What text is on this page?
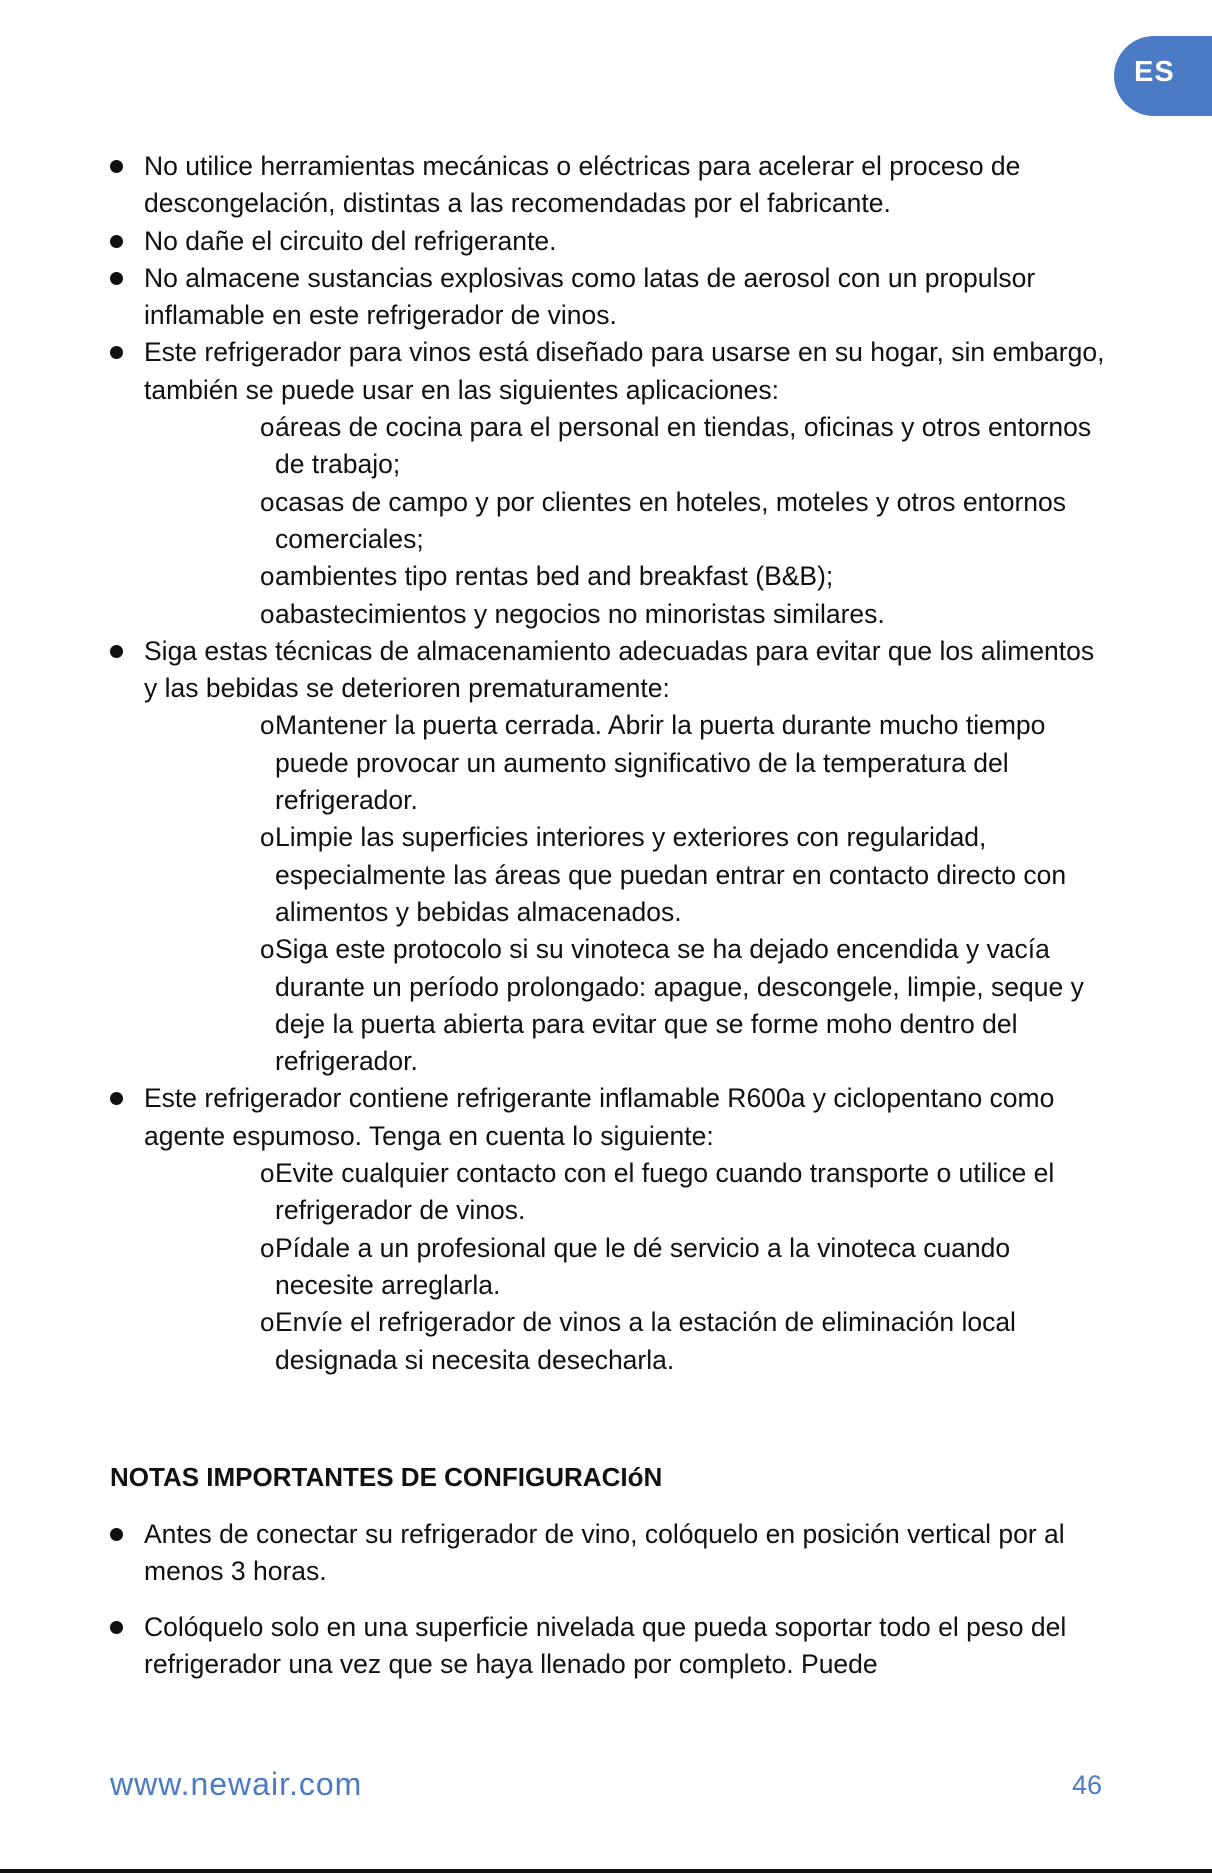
ES
No utilice herramientas mecánicas o eléctricas para acelerar el proceso de descongelación, distintas a las recomendadas por el fabricante.
No dañe el circuito del refrigerante.
No almacene sustancias explosivas como latas de aerosol con un propulsor inflamable en este refrigerador de vinos.
Este refrigerador para vinos está diseñado para usarse en su hogar, sin embargo, también se puede usar en las siguientes aplicaciones:
o áreas de cocina para el personal en tiendas, oficinas y otros entornos de trabajo;
o casas de campo y por clientes en hoteles, moteles y otros entornos comerciales;
o ambientes tipo rentas bed and breakfast (B&B);
o abastecimientos y negocios no minoristas similares.
Siga estas técnicas de almacenamiento adecuadas para evitar que los alimentos y las bebidas se deterioren prematuramente:
o Mantener la puerta cerrada. Abrir la puerta durante mucho tiempo puede provocar un aumento significativo de la temperatura del refrigerador.
o Limpie las superficies interiores y exteriores con regularidad, especialmente las áreas que puedan entrar en contacto directo con alimentos y bebidas almacenados.
o Siga este protocolo si su vinoteca se ha dejado encendida y vacía durante un período prolongado: apague, descongele, limpie, seque y deje la puerta abierta para evitar que se forme moho dentro del refrigerador.
Este refrigerador contiene refrigerante inflamable R600a y ciclopentano como agente espumoso. Tenga en cuenta lo siguiente:
o Evite cualquier contacto con el fuego cuando transporte o utilice el refrigerador de vinos.
o Pídale a un profesional que le dé servicio a la vinoteca cuando necesite arreglarla.
o Envíe el refrigerador de vinos a la estación de eliminación local designada si necesita desecharla.
NOTAS IMPORTANTES DE CONFIGURACIóN
Antes de conectar su refrigerador de vino, colóquelo en posición vertical por al menos 3 horas.
Colóquelo solo en una superficie nivelada que pueda soportar todo el peso del refrigerador una vez que se haya llenado por completo. Puede
www.newair.com	46
